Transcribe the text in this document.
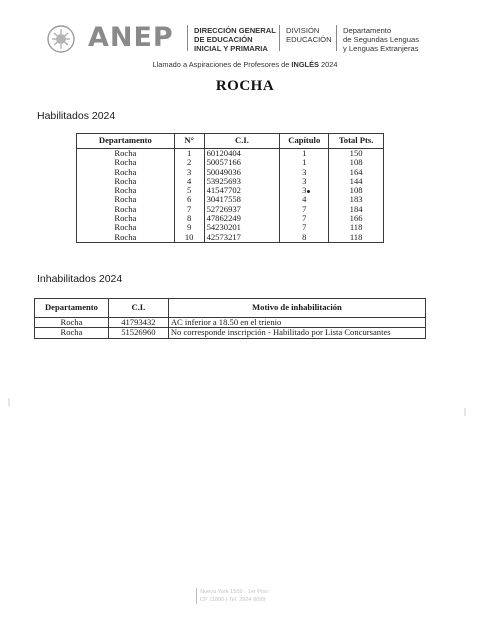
ANEP	DIRECCIÓN GENERAL
DE EDUCACIÓN
INICIAL Y PRIMARIA
DIVISIÓN
EDUCACIÓN
Departamento
de Segundas Lenguas
y Lenguas Extranjeras
Llamado a Aspiraciones de Profesores de INGLÉS 2024
ROCHA
Habilitados 2024
Departamento	N°	C.I.	Capítulo	Total Pts.
Rocha	1	60120404	1	150
Rocha	2	50057166	1	108
Rocha	3	50049036	3	164
Rocha	4	53925693	3	144
Rocha	5	41547702	3	108
Rocha	6	30417558	4	183
Rocha	7	52726937	7	184
Rocha	8	47862249	7	166
Rocha	9	54230201	7	118
Rocha	10	42573217	8	118
Inhabilitados 2024
Departamento	C.I.	Motivo de inhabilitación
Rocha	41793432	AC inferior a 18.50 en el trienio
Rocha	51526960	No corresponde inscripción - Habilitado por Lista Concursantes
Nueva York 1559 · 1er Piso
CP 11800 | Tel. 2924 8699
